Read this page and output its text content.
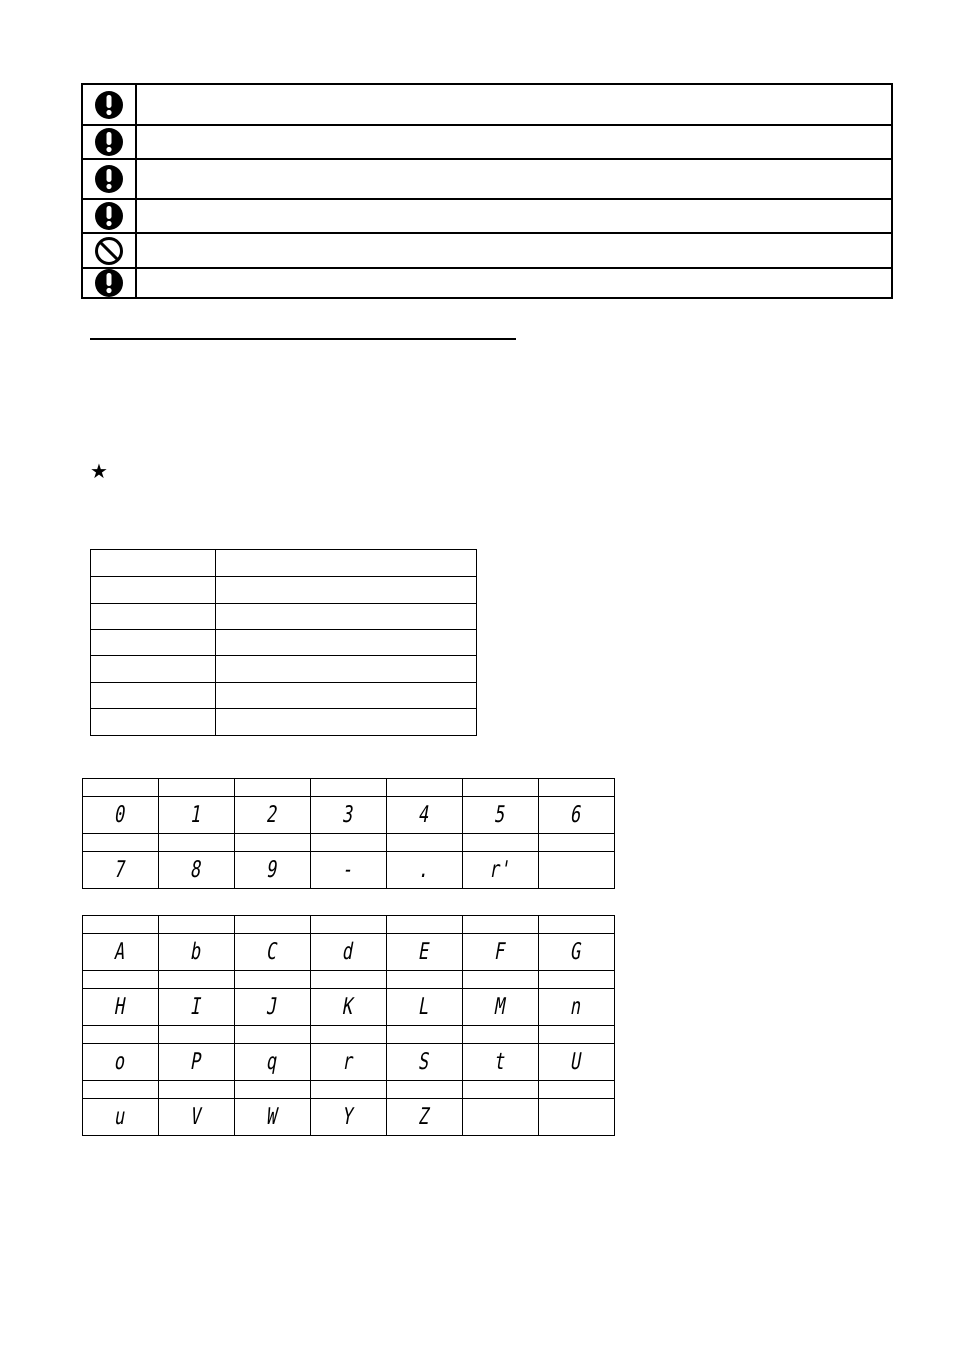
★

0	1	2	3	4	5	6

7	8	9	-	.	r'	

A	b	C	d	E	F	G

H	I	J	K	L	M	n

o	P	q	r	S	t	U

u	V	W	Y	Z		
